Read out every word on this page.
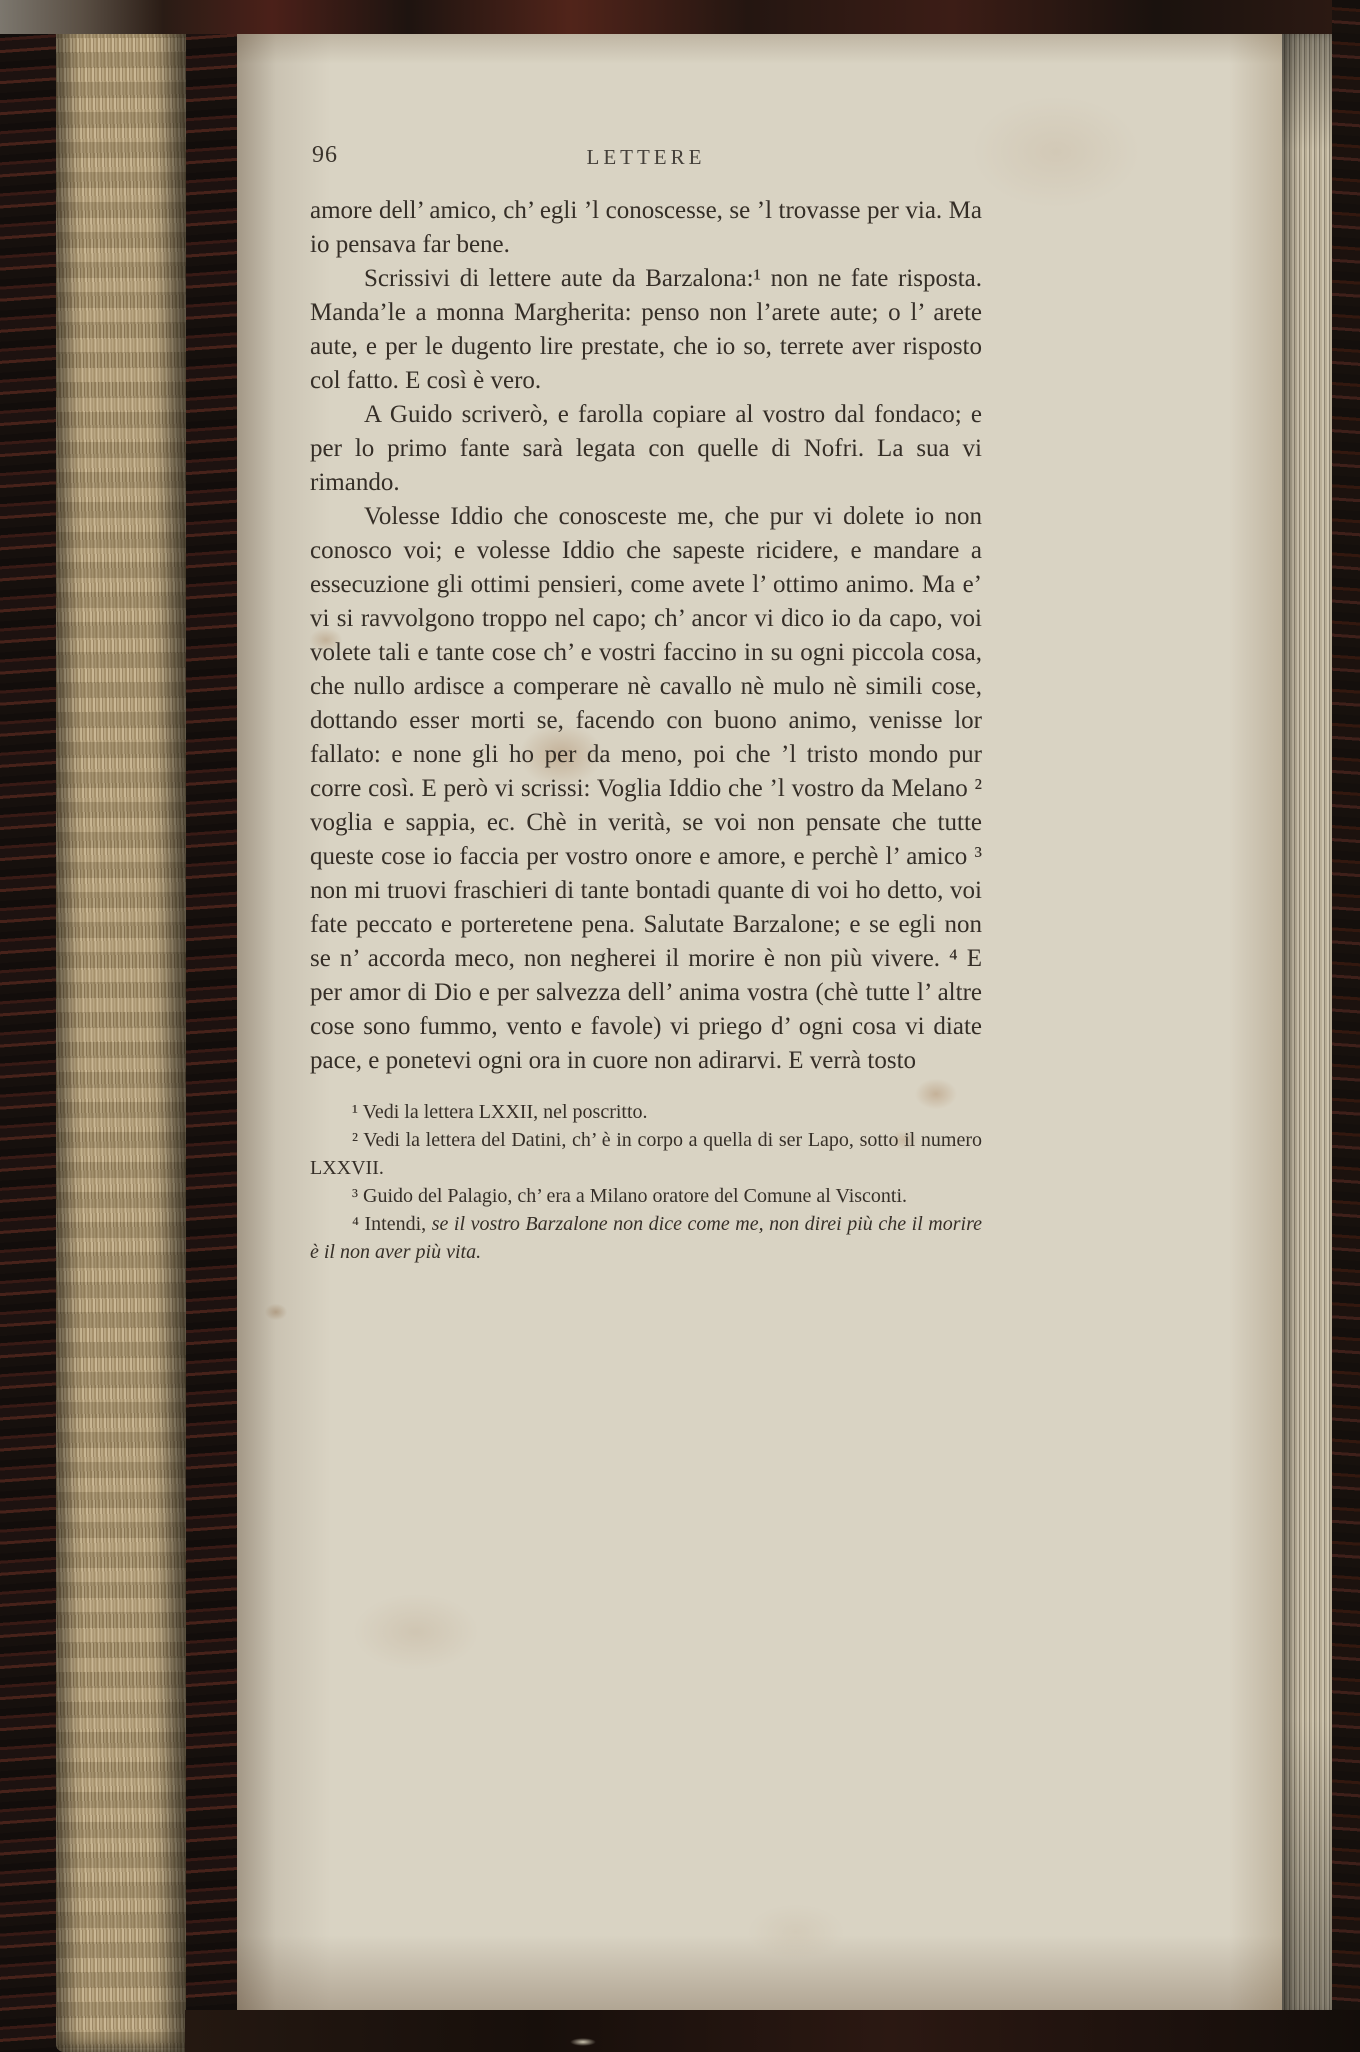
96	LETTERE

amore dell’ amico, ch’ egli ’l conoscesse, se ’l trovasse per via. Ma io pensava far bene.

Scrissivi di lettere aute da Barzalona:¹ non ne fate risposta. Manda’le a monna Margherita: penso non l’arete aute; o l’ arete aute, e per le dugento lire prestate, che io so, terrete aver risposto col fatto. E così è vero.

A Guido scriverò, e farolla copiare al vostro dal fondaco; e per lo primo fante sarà legata con quelle di Nofri. La sua vi rimando.

Volesse Iddio che conosceste me, che pur vi dolete io non conosco voi; e volesse Iddio che sapeste ricidere, e mandare a essecuzione gli ottimi pensieri, come avete l’ ottimo animo. Ma e’ vi si ravvolgono troppo nel capo; ch’ ancor vi dico io da capo, voi volete tali e tante cose ch’ e vostri faccino in su ogni piccola cosa, che nullo ardisce a comperare nè cavallo nè mulo nè simili cose, dottando esser morti se, facendo con buono animo, venisse lor fallato: e none gli ho per da meno, poi che ’l tristo mondo pur corre così. E però vi scrissi: Voglia Iddio che ’l vostro da Melano ² voglia e sappia, ec. Chè in verità, se voi non pensate che tutte queste cose io faccia per vostro onore e amore, e perchè l’ amico ³ non mi truovi fraschieri di tante bontadi quante di voi ho detto, voi fate peccato e porteretene pena. Salutate Barzalone; e se egli non se n’ accorda meco, non negherei il morire è non più vivere. ⁴ E per amor di Dio e per salvezza dell’ anima vostra (chè tutte l’ altre cose sono fummo, vento e favole) vi priego d’ ogni cosa vi diate pace, e ponetevi ogni ora in cuore non adirarvi. E verrà tosto

¹ Vedi la lettera LXXII, nel poscritto.

² Vedi la lettera del Datini, ch’ è in corpo a quella di ser Lapo, sotto il numero LXXVII.

³ Guido del Palagio, ch’ era a Milano oratore del Comune al Visconti.

⁴ Intendi, se il vostro Barzalone non dice come me, non direi più che il morire è il non aver più vita.
